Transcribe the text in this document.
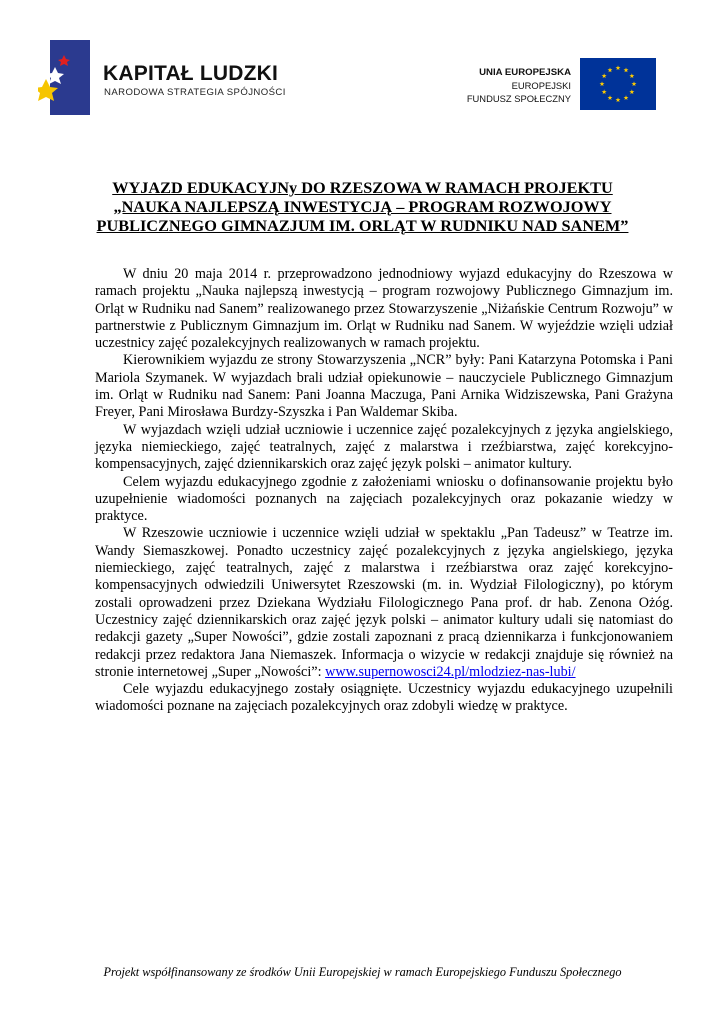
KAPITAŁ LUDZKI
NARODOWA STRATEGIA SPÓJNOŚCI
UNIA EUROPEJSKA
EUROPEJSKI
FUNDUSZ SPOŁECZNY
WYJAZD EDUKACYJNy DO RZESZOWA W RAMACH PROJEKTU
„NAUKA NAJLEPSZĄ INWESTYCJĄ – PROGRAM ROZWOJOWY
PUBLICZNEGO GIMNAZJUM IM. ORLĄT W RUDNIKU NAD SANEM”

W dniu 20 maja 2014 r. przeprowadzono jednodniowy wyjazd edukacyjny do Rzeszowa w ramach projektu „Nauka najlepszą inwestycją – program rozwojowy Publicznego Gimnazjum im. Orląt w Rudniku nad Sanem” realizowanego przez Stowarzyszenie „Niżańskie Centrum Rozwoju” w partnerstwie z Publicznym Gimnazjum im. Orląt w Rudniku nad Sanem. W wyjeździe wzięli udział uczestnicy zajęć pozalekcyjnych realizowanych w ramach projektu.

Kierownikiem wyjazdu ze strony Stowarzyszenia „NCR” były: Pani Katarzyna Potomska i Pani Mariola Szymanek. W wyjazdach brali udział opiekunowie – nauczyciele Publicznego Gimnazjum im. Orląt w Rudniku nad Sanem: Pani Joanna Maczuga, Pani Arnika Widziszewska, Pani Grażyna Freyer, Pani Mirosława Burdzy-Szyszka i Pan Waldemar Skiba.

W wyjazdach wzięli udział uczniowie i uczennice zajęć pozalekcyjnych z języka angielskiego, języka niemieckiego, zajęć teatralnych, zajęć z malarstwa i rzeźbiarstwa, zajęć korekcyjno-kompensacyjnych, zajęć dziennikarskich oraz zajęć język polski – animator kultury.

Celem wyjazdu edukacyjnego zgodnie z założeniami wniosku o dofinansowanie projektu było uzupełnienie wiadomości poznanych na zajęciach pozalekcyjnych oraz pokazanie wiedzy w praktyce.

W Rzeszowie uczniowie i uczennice wzięli udział w spektaklu „Pan Tadeusz” w Teatrze im. Wandy Siemaszkowej. Ponadto uczestnicy zajęć pozalekcyjnych z języka angielskiego, języka niemieckiego, zajęć teatralnych, zajęć z malarstwa i rzeźbiarstwa oraz zajęć korekcyjno-kompensacyjnych odwiedzili Uniwersytet Rzeszowski (m. in. Wydział Filologiczny), po którym zostali oprowadzeni przez Dziekana Wydziału Filologicznego Pana prof. dr hab. Zenona Ożóg. Uczestnicy zajęć dziennikarskich oraz zajęć język polski – animator kultury udali się natomiast do redakcji gazety „Super Nowości”, gdzie zostali zapoznani z pracą dziennikarza i funkcjonowaniem redakcji przez redaktora Jana Niemaszek. Informacja o wizycie w redakcji znajduje się również na stronie internetowej „Super „Nowości”: www.supernowosci24.pl/mlodziez-nas-lubi/

Cele wyjazdu edukacyjnego zostały osiągnięte. Uczestnicy wyjazdu edukacyjnego uzupełnili wiadomości poznane na zajęciach pozalekcyjnych oraz zdobyli wiedzę w praktyce.

Projekt współfinansowany ze środków Unii Europejskiej w ramach Europejskiego Funduszu Społecznego
